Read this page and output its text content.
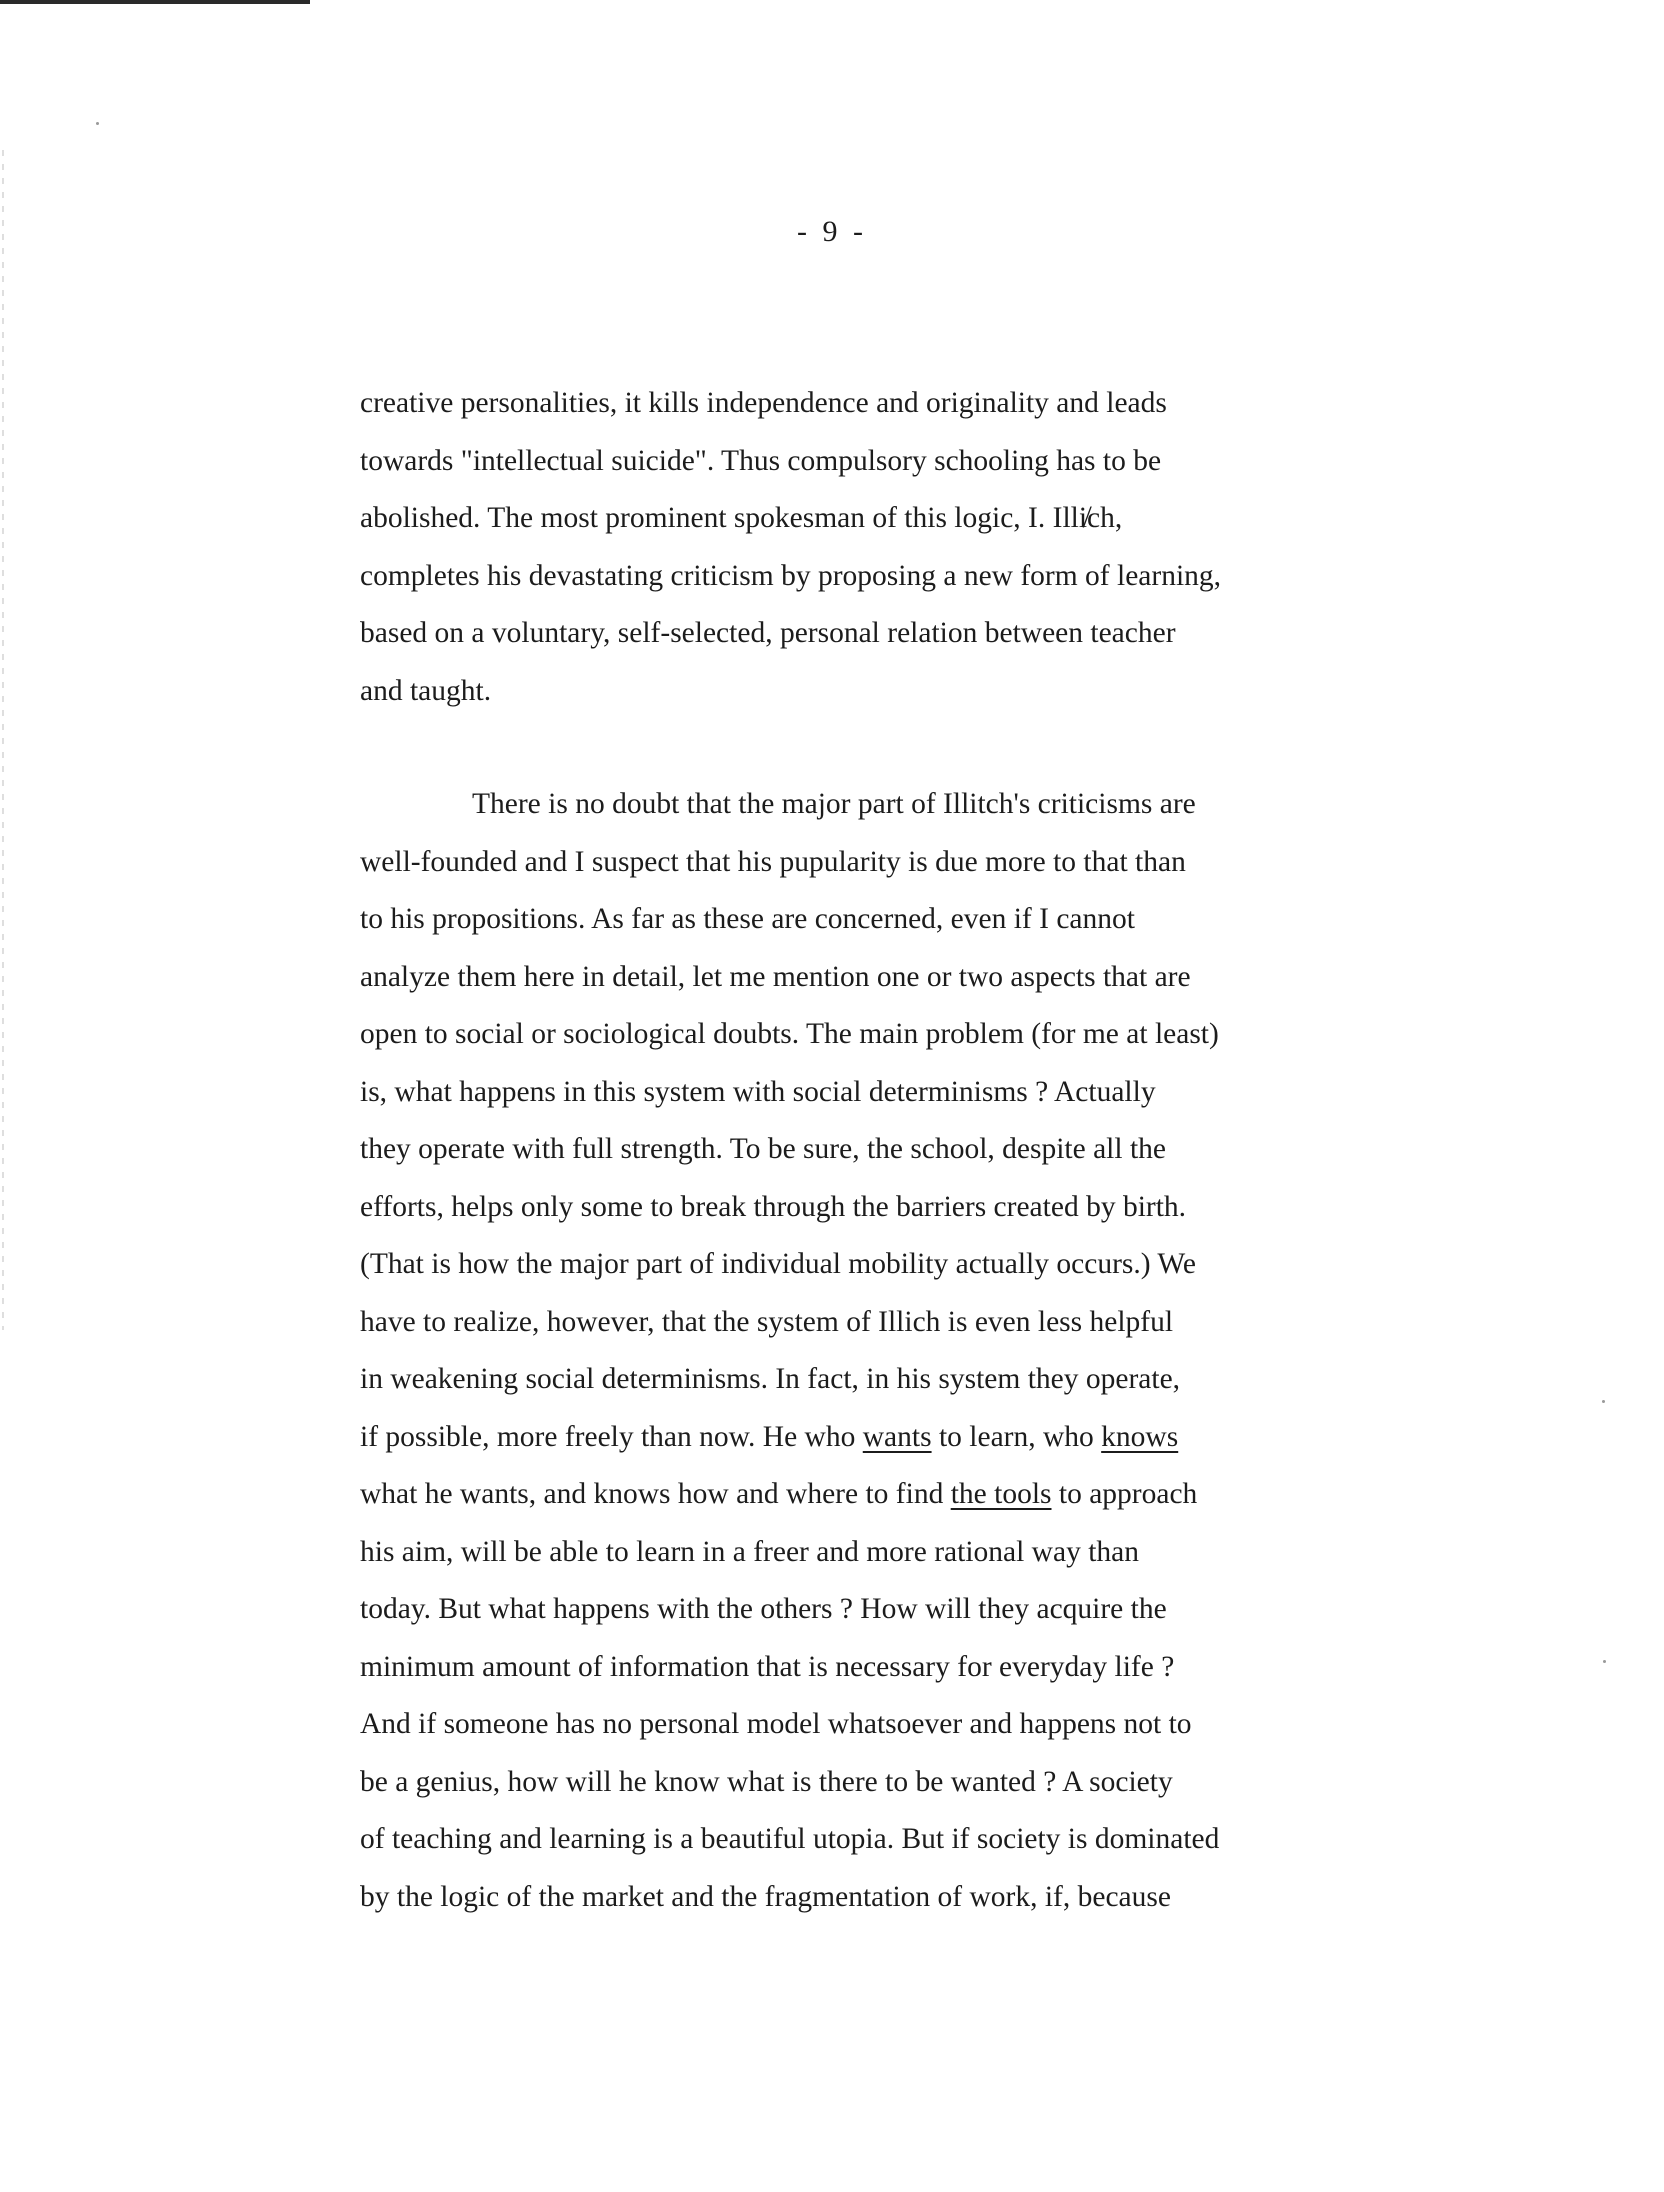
- 9 -
creative personalities, it kills independence and originality and leads
towards "intellectual suicide". Thus compulsory schooling has to be
abolished. The most prominent spokesman of this logic, I. Illi̸ch,
completes his devastating criticism by proposing a new form of learning,
based on a voluntary, self-selected, personal relation between teacher
and taught.
There is no doubt that the major part of Illitch's criticisms are
well-founded and I suspect that his pupularity is due more to that than
to his propositions. As far as these are concerned, even if I cannot
analyze them here in detail, let me mention one or two aspects that are
open to social or sociological doubts. The main problem (for me at least)
is, what happens in this system with social determinisms ? Actually
they operate with full strength. To be sure, the school, despite all the
efforts, helps only some to break through the barriers created by birth.
(That is how the major part of individual mobility actually occurs.) We
have to realize, however, that the system of Illich is even less helpful
in weakening social determinisms. In fact, in his system they operate,
if possible, more freely than now. He who wants to learn, who knows
what he wants, and knows how and where to find the tools to approach
his aim, will be able to learn in a freer and more rational way than
today. But what happens with the others ? How will they acquire the
minimum amount of information that is necessary for everyday life ?
And if someone has no personal model whatsoever and happens not to
be a genius, how will he know what is there to be wanted ? A society
of teaching and learning is a beautiful utopia. But if society is dominated
by the logic of the market and the fragmentation of work, if, because
